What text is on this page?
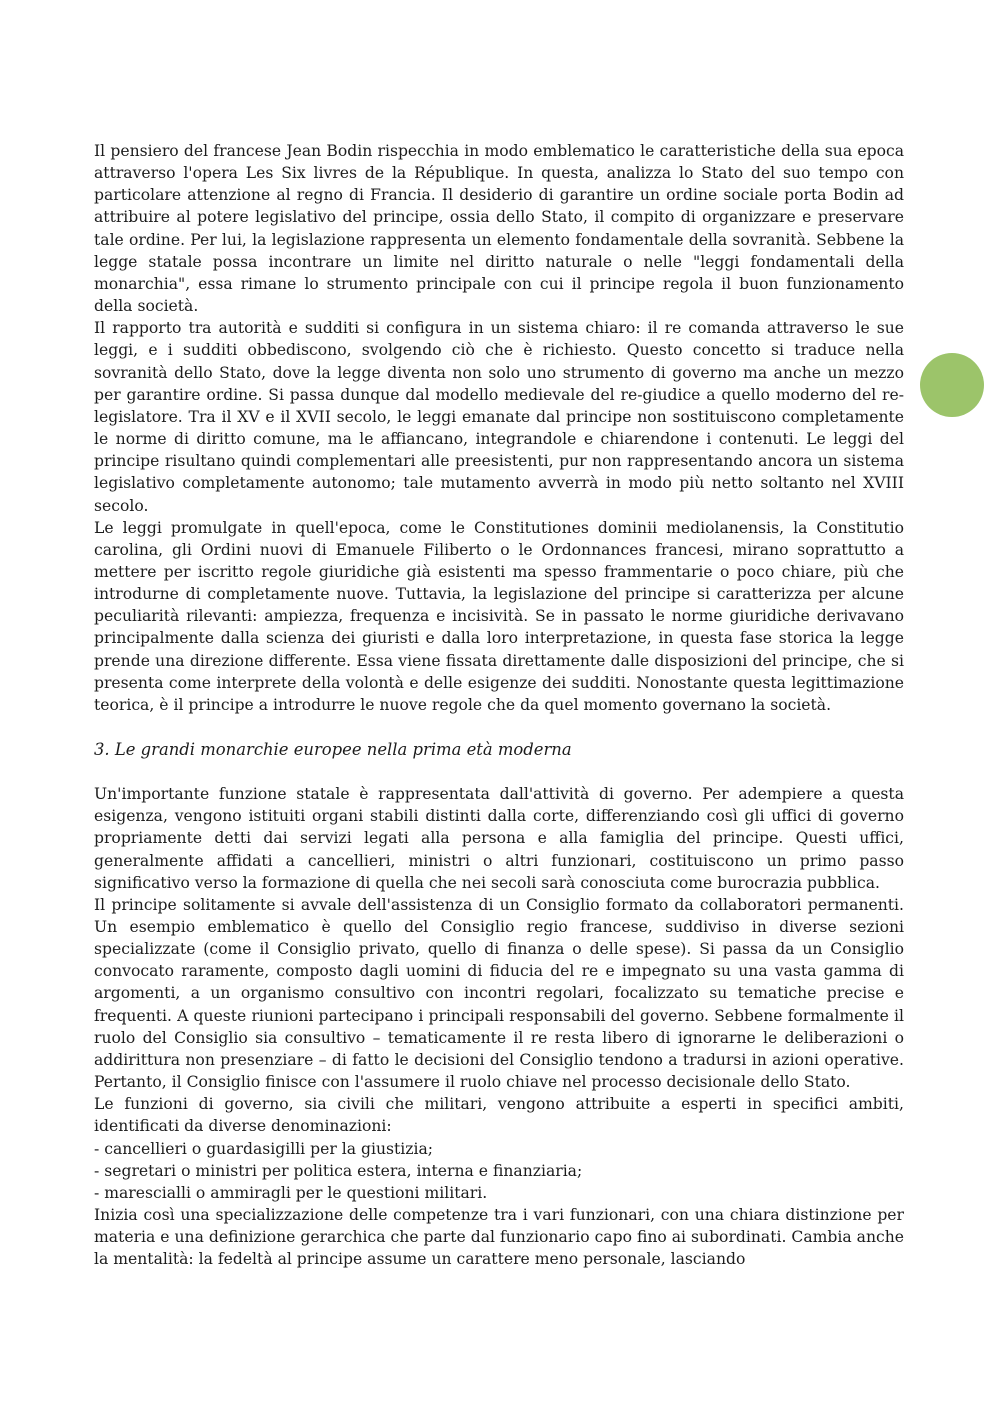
Il pensiero del francese Jean Bodin rispecchia in modo emblematico le caratteristiche della sua epoca attraverso l'opera Les Six livres de la République. In questa, analizza lo Stato del suo tempo con particolare attenzione al regno di Francia. Il desiderio di garantire un ordine sociale porta Bodin ad attribuire al potere legislativo del principe, ossia dello Stato, il compito di organizzare e preservare tale ordine. Per lui, la legislazione rappresenta un elemento fondamentale della sovranità. Sebbene la legge statale possa incontrare un limite nel diritto naturale o nelle "leggi fondamentali della monarchia", essa rimane lo strumento principale con cui il principe regola il buon funzionamento della società.

Il rapporto tra autorità e sudditi si configura in un sistema chiaro: il re comanda attraverso le sue leggi, e i sudditi obbediscono, svolgendo ciò che è richiesto. Questo concetto si traduce nella sovranità dello Stato, dove la legge diventa non solo uno strumento di governo ma anche un mezzo per garantire ordine. Si passa dunque dal modello medievale del re-giudice a quello moderno del re-legislatore. Tra il XV e il XVII secolo, le leggi emanate dal principe non sostituiscono completamente le norme di diritto comune, ma le affiancano, integrandole e chiarendone i contenuti. Le leggi del principe risultano quindi complementari alle preesistenti, pur non rappresentando ancora un sistema legislativo completamente autonomo; tale mutamento avverrà in modo più netto soltanto nel XVIII secolo.

Le leggi promulgate in quell'epoca, come le Constitutiones dominii mediolanensis, la Constitutio carolina, gli Ordini nuovi di Emanuele Filiberto o le Ordonnances francesi, mirano soprattutto a mettere per iscritto regole giuridiche già esistenti ma spesso frammentarie o poco chiare, più che introdurne di completamente nuove. Tuttavia, la legislazione del principe si caratterizza per alcune peculiarità rilevanti: ampiezza, frequenza e incisività. Se in passato le norme giuridiche derivavano principalmente dalla scienza dei giuristi e dalla loro interpretazione, in questa fase storica la legge prende una direzione differente. Essa viene fissata direttamente dalle disposizioni del principe, che si presenta come interprete della volontà e delle esigenze dei sudditi. Nonostante questa legittimazione teorica, è il principe a introdurre le nuove regole che da quel momento governano la società.

3. Le grandi monarchie europee nella prima età moderna

Un'importante funzione statale è rappresentata dall'attività di governo. Per adempiere a questa esigenza, vengono istituiti organi stabili distinti dalla corte, differenziando così gli uffici di governo propriamente detti dai servizi legati alla persona e alla famiglia del principe. Questi uffici, generalmente affidati a cancellieri, ministri o altri funzionari, costituiscono un primo passo significativo verso la formazione di quella che nei secoli sarà conosciuta come burocrazia pubblica.

Il principe solitamente si avvale dell'assistenza di un Consiglio formato da collaboratori permanenti. Un esempio emblematico è quello del Consiglio regio francese, suddiviso in diverse sezioni specializzate (come il Consiglio privato, quello di finanza o delle spese). Si passa da un Consiglio convocato raramente, composto dagli uomini di fiducia del re e impegnato su una vasta gamma di argomenti, a un organismo consultivo con incontri regolari, focalizzato su tematiche precise e frequenti. A queste riunioni partecipano i principali responsabili del governo. Sebbene formalmente il ruolo del Consiglio sia consultivo – tematicamente il re resta libero di ignorarne le deliberazioni o addirittura non presenziare – di fatto le decisioni del Consiglio tendono a tradursi in azioni operative. Pertanto, il Consiglio finisce con l'assumere il ruolo chiave nel processo decisionale dello Stato.

Le funzioni di governo, sia civili che militari, vengono attribuite a esperti in specifici ambiti, identificati da diverse denominazioni:

- cancellieri o guardasigilli per la giustizia;
- segretari o ministri per politica estera, interna e finanziaria;
- marescialli o ammiragli per le questioni militari.

Inizia così una specializzazione delle competenze tra i vari funzionari, con una chiara distinzione per materia e una definizione gerarchica che parte dal funzionario capo fino ai subordinati. Cambia anche la mentalità: la fedeltà al principe assume un carattere meno personale, lasciando
